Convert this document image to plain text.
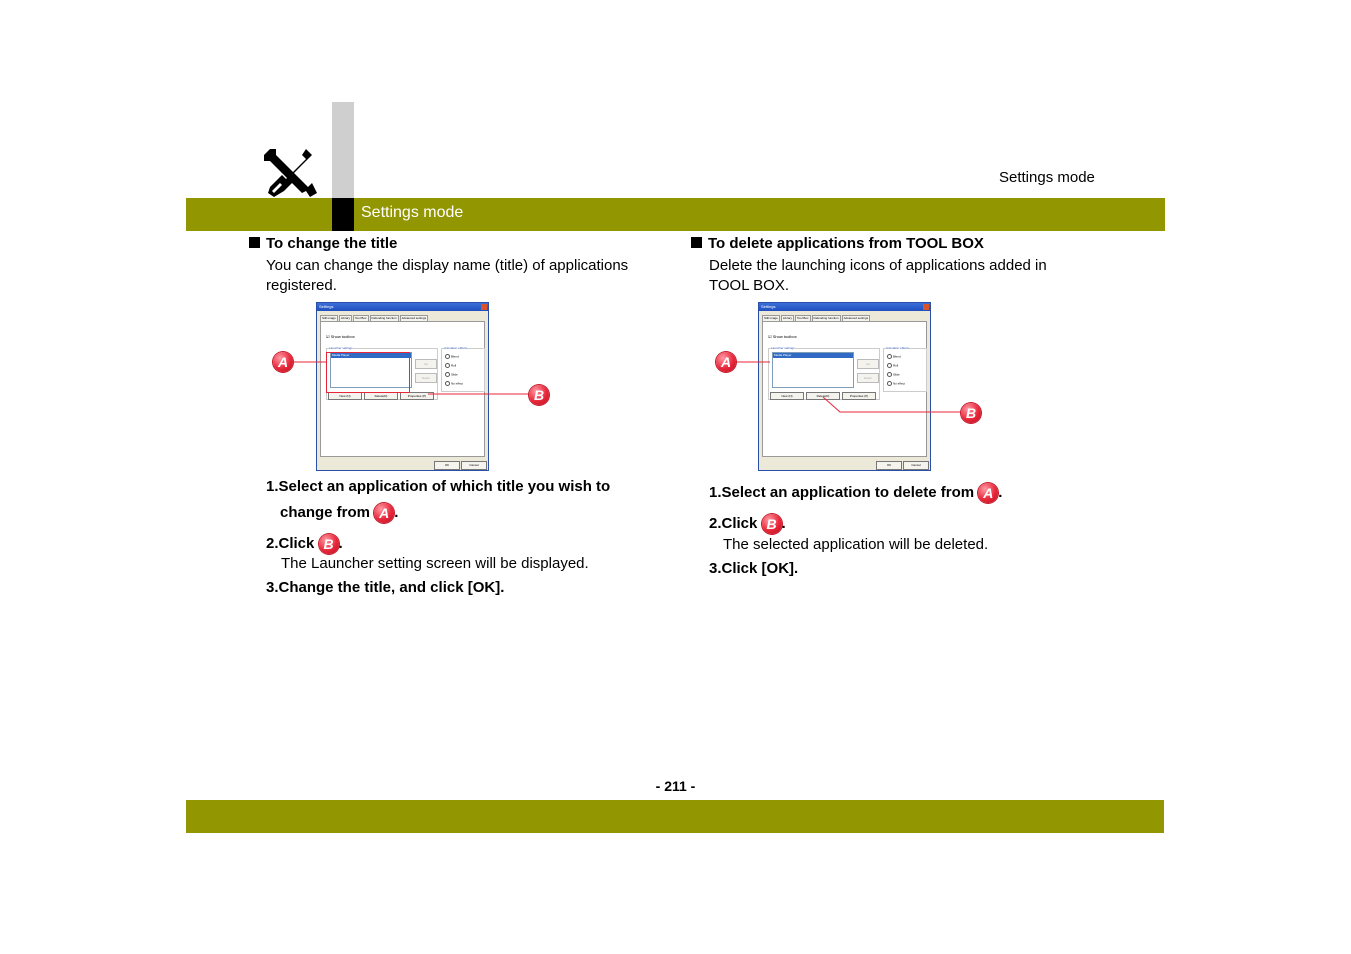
Settings mode
Settings mode
To change the title
You can change the display name (title) of applications registered.
Settings
Still image Library Tool Box Defending function Advanced settings
☑ Show toolbox
Launcher settings
Media Player
Up
Down
Animation effects
Blend
Roll
Slide
No effect
New (N)	Delete(D)	Properties (P)
OK	Cancel
To delete applications from TOOL BOX
Delete the launching icons of applications added in TOOL BOX.
Settings
Still image Library Tool Box Defending function Advanced settings
☑ Show toolbox
Launcher settings
Media Player
Up
Down
Animation effects
Blend
Roll
Slide
No effect
New (N)	Delete(D)	Properties (P)
OK	Cancel
A
B
A
B
1.Select an application of which title you wish to
change from A .
2.Click B .
The Launcher setting screen will be displayed.
3.Change the title, and click [OK].
1.Select an application to delete from A .
2.Click B .
The selected application will be deleted.
3.Click [OK].
- 211 -
